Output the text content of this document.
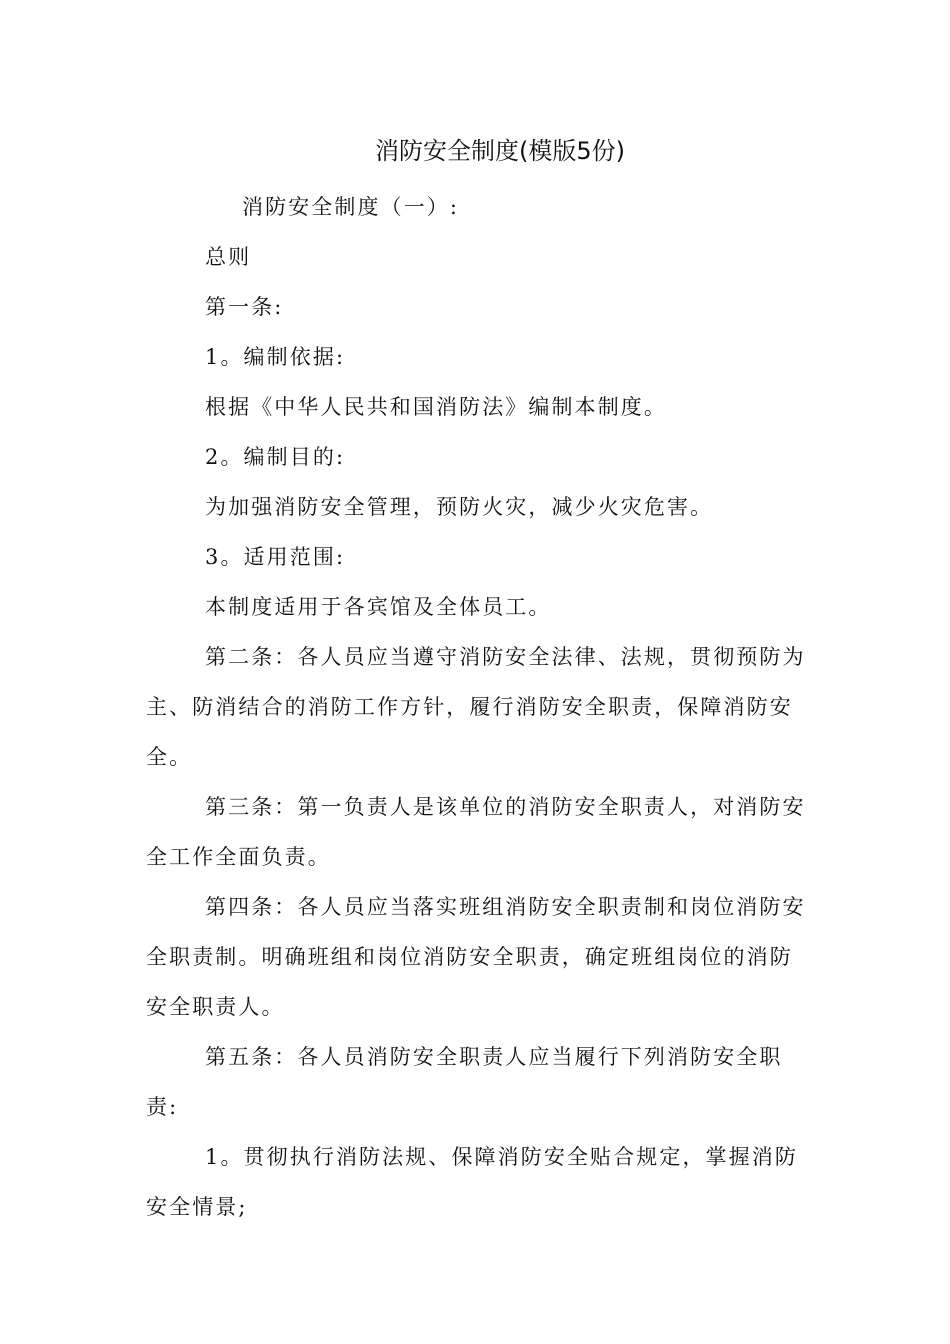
消防安全制度(模版5份)

消防安全制度（一）:

总则

第一条:

1。编制依据:

根据《中华人民共和国消防法》编制本制度。

2。编制目的:

为加强消防安全管理，预防火灾，减少火灾危害。

3。适用范围:

本制度适用于各宾馆及全体员工。

第二条：各人员应当遵守消防安全法律、法规，贯彻预防为主、防消结合的消防工作方针，履行消防安全职责，保障消防安全。

第三条：第一负责人是该单位的消防安全职责人，对消防安全工作全面负责。

第四条：各人员应当落实班组消防安全职责制和岗位消防安全职责制。明确班组和岗位消防安全职责，确定班组岗位的消防安全职责人。

第五条：各人员消防安全职责人应当履行下列消防安全职责:

1。贯彻执行消防法规、保障消防安全贴合规定，掌握消防安全情景;
